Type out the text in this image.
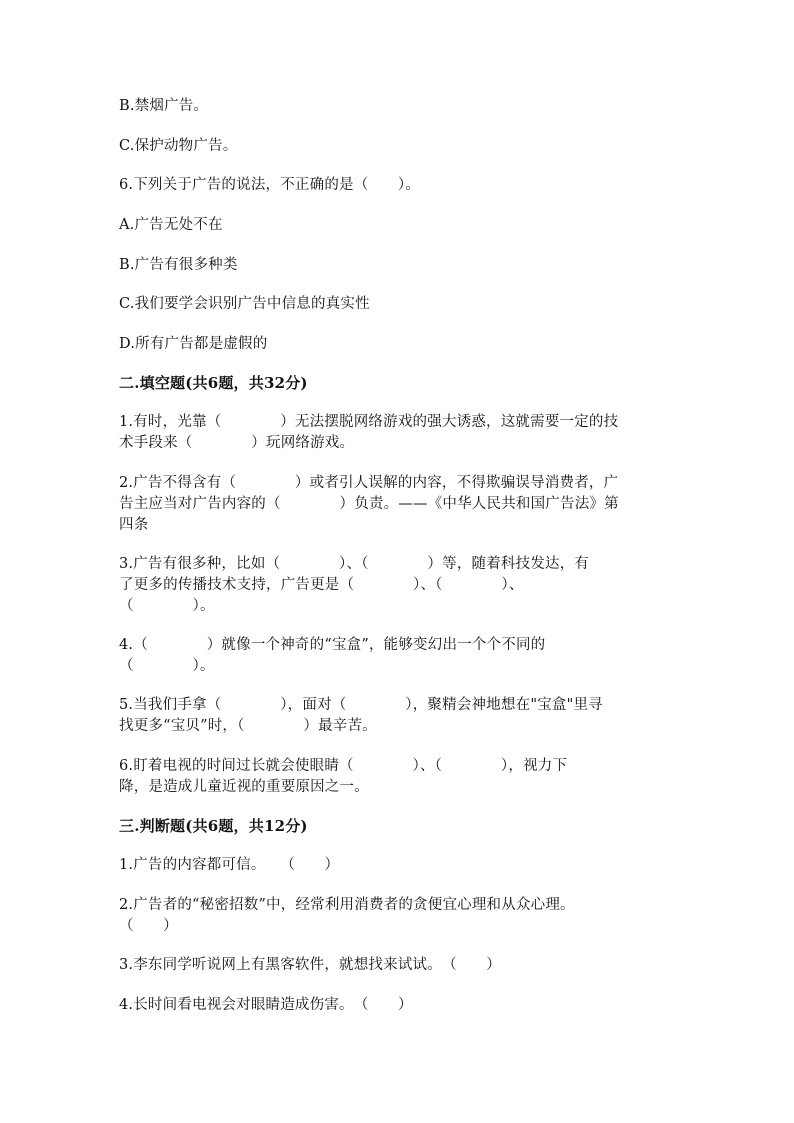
B.禁烟广告。
C.保护动物广告。
6.下列关于广告的说法，不正确的是（　　）。
A.广告无处不在
B.广告有很多种类
C.我们要学会识别广告中信息的真实性
D.所有广告都是虚假的
二.填空题(共6题，共32分)
1.有时，光靠（　　　　）无法摆脱网络游戏的强大诱惑，这就需要一定的技
术手段来（　　　　）玩网络游戏。
2.广告不得含有（　　　　）或者引人误解的内容，不得欺骗误导消费者，广
告主应当对广告内容的（　　　　）负责。——《中华人民共和国广告法》第
四条
3.广告有很多种，比如（　　　　）、（　　　　）等，随着科技发达，有
了更多的传播技术支持，广告更是（　　　　）、（　　　　）、
（　　　　）。
4.（　　　　）就像一个神奇的“宝盒”，能够变幻出一个个不同的
（　　　　）。
5.当我们手拿（　　　　），面对（　　　　），聚精会神地想在"宝盒"里寻
找更多“宝贝”时，（　　　　）最辛苦。
6.盯着电视的时间过长就会使眼睛（　　　　）、（　　　　），视力下
降，是造成儿童近视的重要原因之一。
三.判断题(共6题，共12分)
1.广告的内容都可信。　　（　　）
2.广告者的“秘密招数”中，经常利用消费者的贪便宜心理和从众心理。
（　　）
3.李东同学听说网上有黑客软件，就想找来试试。　（　　）
4.长时间看电视会对眼睛造成伤害。　（　　）
